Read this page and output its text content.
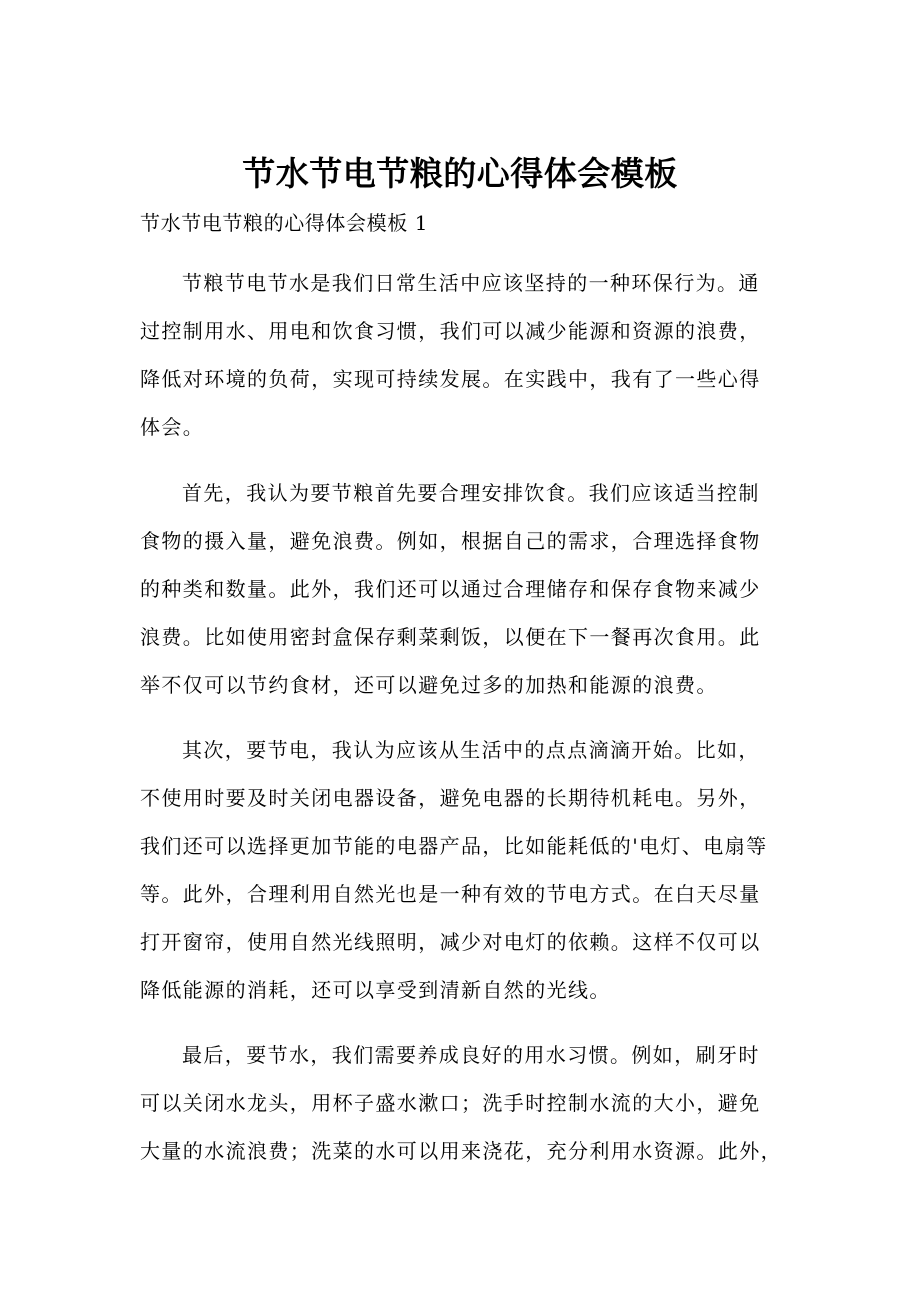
节水节电节粮的心得体会模板
节水节电节粮的心得体会模板 1
节粮节电节水是我们日常生活中应该坚持的一种环保行为。通
过控制用水、用电和饮食习惯，我们可以减少能源和资源的浪费，
降低对环境的负荷，实现可持续发展。在实践中，我有了一些心得
体会。
首先，我认为要节粮首先要合理安排饮食。我们应该适当控制
食物的摄入量，避免浪费。例如，根据自己的需求，合理选择食物
的种类和数量。此外，我们还可以通过合理储存和保存食物来减少
浪费。比如使用密封盒保存剩菜剩饭，以便在下一餐再次食用。此
举不仅可以节约食材，还可以避免过多的加热和能源的浪费。
其次，要节电，我认为应该从生活中的点点滴滴开始。比如，
不使用时要及时关闭电器设备，避免电器的长期待机耗电。另外，
我们还可以选择更加节能的电器产品，比如能耗低的'电灯、电扇等
等。此外，合理利用自然光也是一种有效的节电方式。在白天尽量
打开窗帘，使用自然光线照明，减少对电灯的依赖。这样不仅可以
降低能源的消耗，还可以享受到清新自然的光线。
最后，要节水，我们需要养成良好的用水习惯。例如，刷牙时
可以关闭水龙头，用杯子盛水漱口；洗手时控制水流的大小，避免
大量的水流浪费；洗菜的水可以用来浇花，充分利用水资源。此外，
